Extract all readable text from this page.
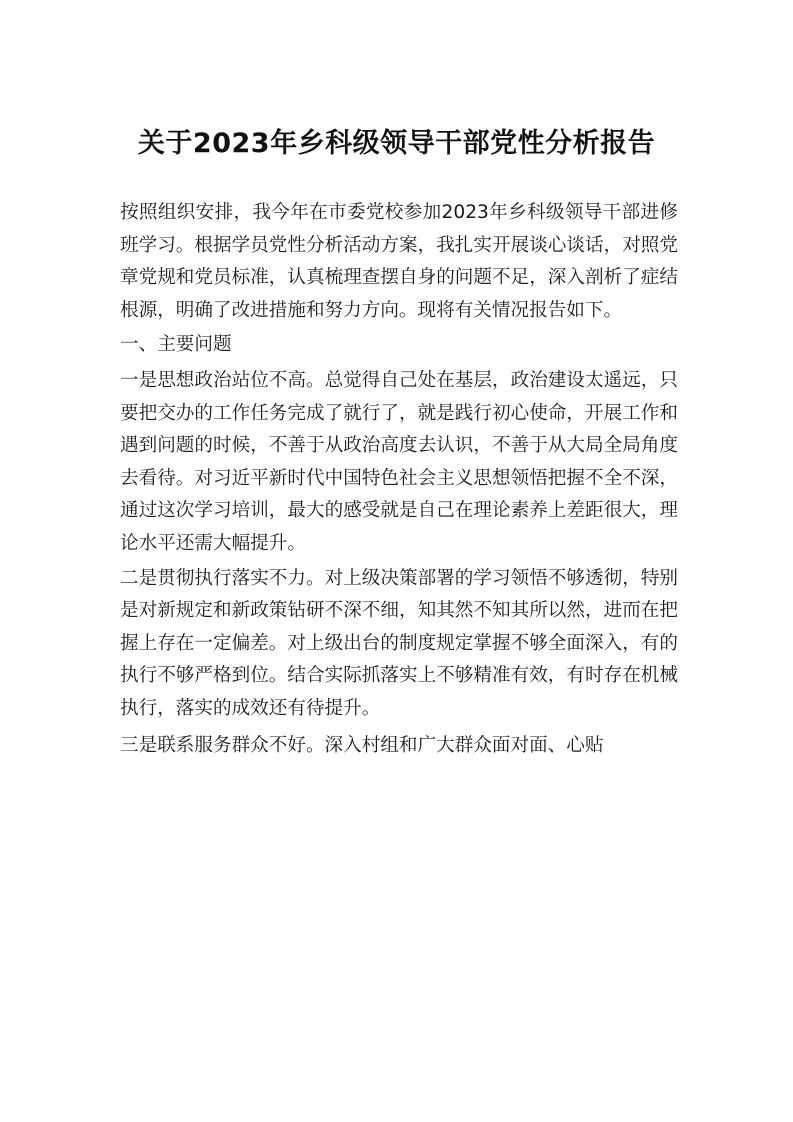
关于2023年乡科级领导干部党性分析报告

按照组织安排，我今年在市委党校参加2023年乡科级领导干部进修班学习。根据学员党性分析活动方案，我扎实开展谈心谈话，对照党章党规和党员标准，认真梳理查摆自身的问题不足，深入剖析了症结根源，明确了改进措施和努力方向。现将有关情况报告如下。

一、主要问题

一是思想政治站位不高。总觉得自己处在基层，政治建设太遥远，只要把交办的工作任务完成了就行了，就是践行初心使命，开展工作和遇到问题的时候，不善于从政治高度去认识，不善于从大局全局角度去看待。对习近平新时代中国特色社会主义思想领悟把握不全不深，通过这次学习培训，最大的感受就是自己在理论素养上差距很大，理论水平还需大幅提升。

二是贯彻执行落实不力。对上级决策部署的学习领悟不够透彻，特别是对新规定和新政策钻研不深不细，知其然不知其所以然，进而在把握上存在一定偏差。对上级出台的制度规定掌握不够全面深入，有的执行不够严格到位。结合实际抓落实上不够精准有效，有时存在机械执行，落实的成效还有待提升。

三是联系服务群众不好。深入村组和广大群众面对面、心贴
